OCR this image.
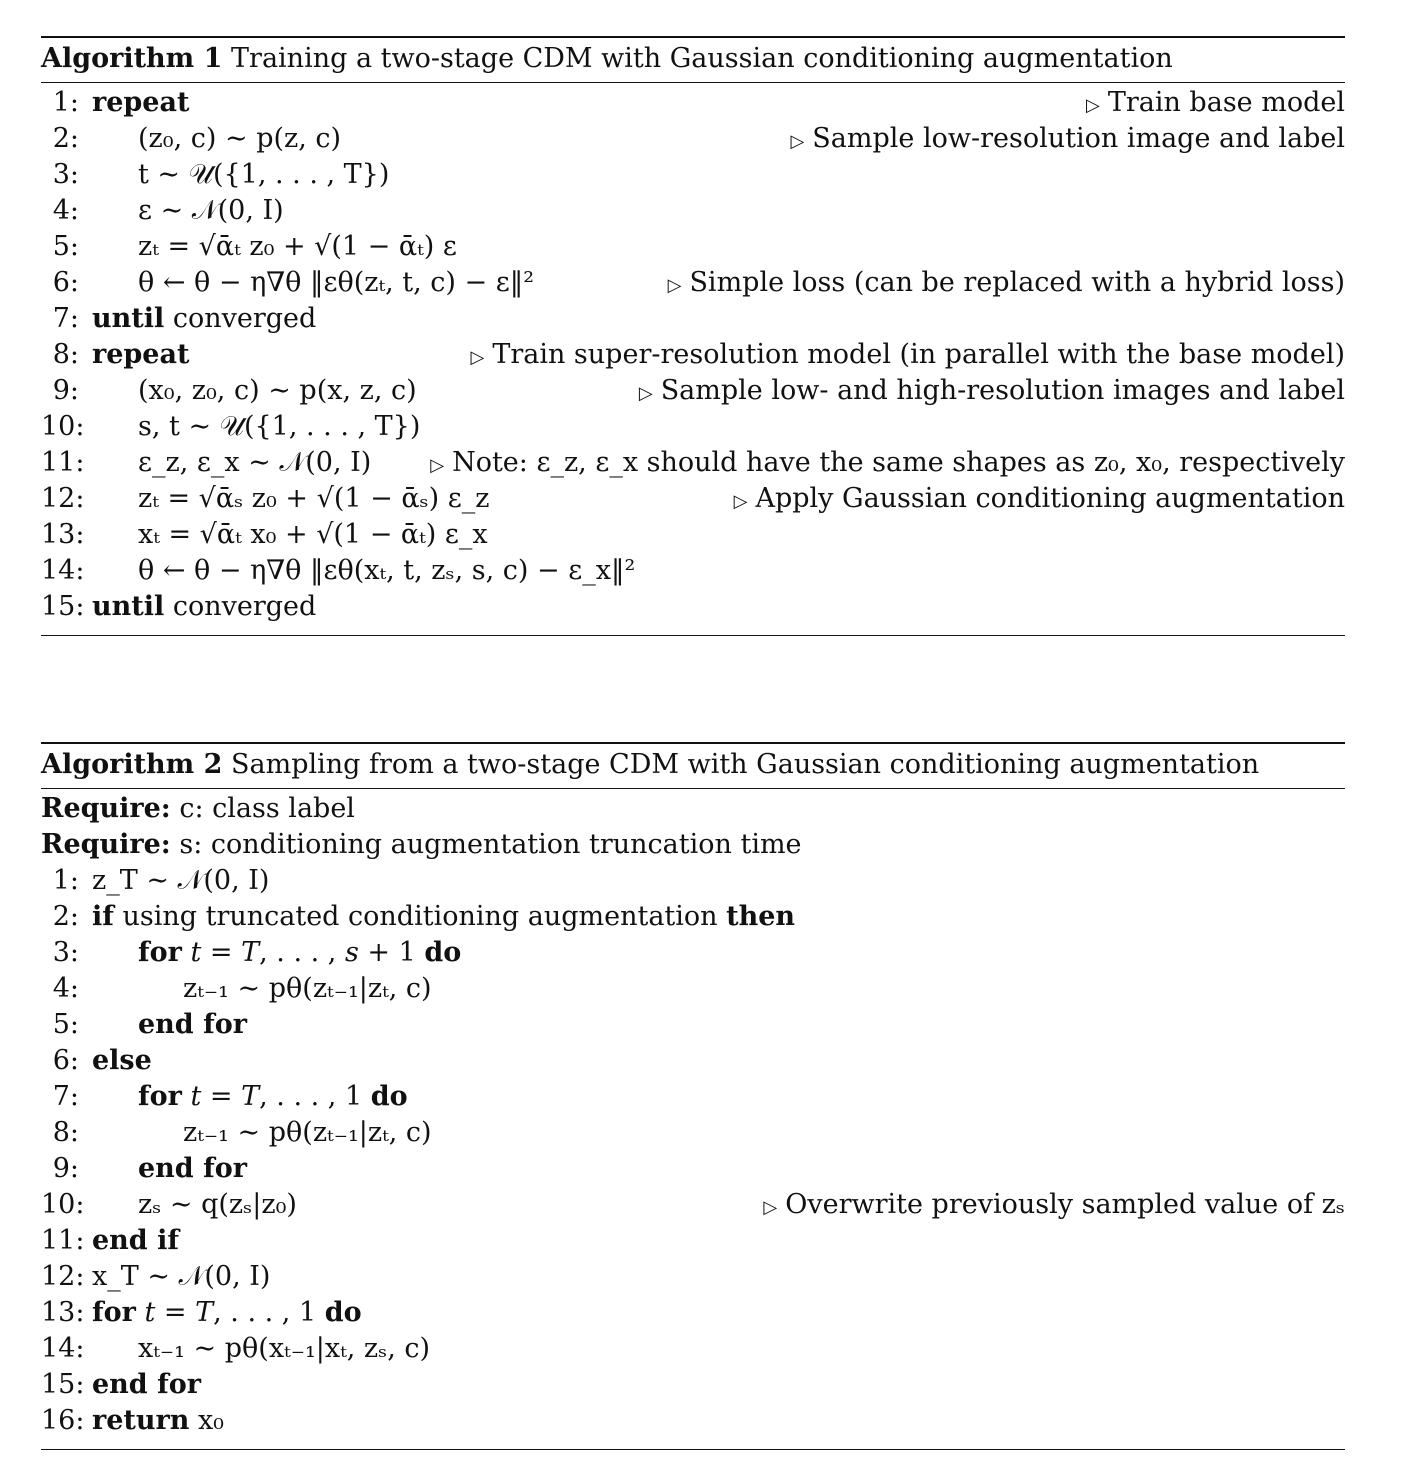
Algorithm 1 Training a two-stage CDM with Gaussian conditioning augmentation
1: repeat	▷ Train base model
2: (z₀, c) ∼ p(z, c)	▷ Sample low-resolution image and label
3: t ∼ 𝒰({1, . . . , T})
4: ε ∼ 𝒩(0, I)
5: zₜ = √ᾱₜ z₀ + √(1 − ᾱₜ) ε
6: θ ← θ − η∇θ ‖εθ(zₜ, t, c) − ε‖²	▷ Simple loss (can be replaced with a hybrid loss)
7: until converged
8: repeat	▷ Train super-resolution model (in parallel with the base model)
9: (x₀, z₀, c) ∼ p(x, z, c)	▷ Sample low- and high-resolution images and label
10: s, t ∼ 𝒰({1, . . . , T})
11: ε_z, ε_x ∼ 𝒩(0, I)	▷ Note: ε_z, ε_x should have the same shapes as z₀, x₀, respectively
12: zₜ = √ᾱₛ z₀ + √(1 − ᾱₛ) ε_z	▷ Apply Gaussian conditioning augmentation
13: xₜ = √ᾱₜ x₀ + √(1 − ᾱₜ) ε_x
14: θ ← θ − η∇θ ‖εθ(xₜ, t, zₛ, s, c) − ε_x‖²
15: until converged
Algorithm 2 Sampling from a two-stage CDM with Gaussian conditioning augmentation
Require: c: class label
Require: s: conditioning augmentation truncation time
1: z_T ∼ 𝒩(0, I)
2: if using truncated conditioning augmentation then
3: for t = T, . . . , s + 1 do
4:	zₜ₋₁ ∼ pθ(zₜ₋₁|zₜ, c)
5: end for
6: else
7: for t = T, . . . , 1 do
8:	zₜ₋₁ ∼ pθ(zₜ₋₁|zₜ, c)
9: end for
10: zₛ ∼ q(zₛ|z₀)	▷ Overwrite previously sampled value of zₛ
11: end if
12: x_T ∼ 𝒩(0, I)
13: for t = T, . . . , 1 do
14: xₜ₋₁ ∼ pθ(xₜ₋₁|xₜ, zₛ, c)
15: end for
16: return x₀
